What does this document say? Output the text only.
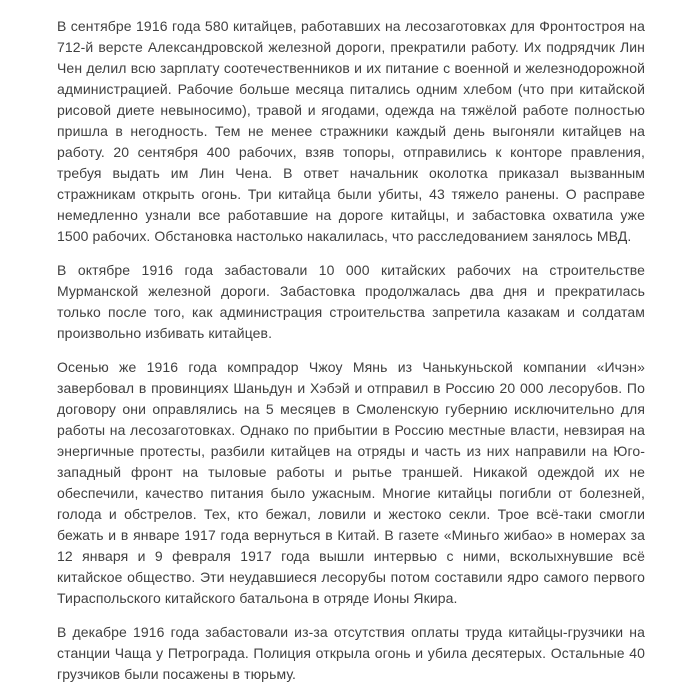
В сентябре 1916 года 580 китайцев, работавших на лесозаготовках для Фронтостроя на 712-й версте Александровской железной дороги, прекратили работу. Их подрядчик Лин Чен делил всю зарплату соотечественников и их питание с военной и железнодорожной администрацией. Рабочие больше месяца питались одним хлебом (что при китайской рисовой диете невыносимо), травой и ягодами, одежда на тяжёлой работе полностью пришла в негодность. Тем не менее стражники каждый день выгоняли китайцев на работу. 20 сентября 400 рабочих, взяв топоры, отправились к конторе правления, требуя выдать им Лин Чена. В ответ начальник околотка приказал вызванным стражникам открыть огонь. Три китайца были убиты, 43 тяжело ранены. О расправе немедленно узнали все работавшие на дороге китайцы, и забастовка охватила уже 1500 рабочих. Обстановка настолько накалилась, что расследованием занялось МВД.

В октябре 1916 года забастовали 10 000 китайских рабочих на строительстве Мурманской железной дороги. Забастовка продолжалась два дня и прекратилась только после того, как администрация строительства запретила казакам и солдатам произвольно избивать китайцев.

Осенью же 1916 года компрадор Чжоу Мянь из Чанькуньской компании «Ичэн» завербовал в провинциях Шаньдун и Хэбэй и отправил в Россию 20 000 лесорубов. По договору они оправлялись на 5 месяцев в Смоленскую губернию исключительно для работы на лесозаготовках. Однако по прибытии в Россию местные власти, невзирая на энергичные протесты, разбили китайцев на отряды и часть из них направили на Юго-западный фронт на тыловые работы и рытье траншей. Никакой одеждой их не обеспечили, качество питания было ужасным. Многие китайцы погибли от болезней, голода и обстрелов. Тех, кто бежал, ловили и жестоко секли. Трое всё-таки смогли бежать и в январе 1917 года вернуться в Китай. В газете «Миньго жибао» в номерах за 12 января и 9 февраля 1917 года вышли интервью с ними, всколыхнувшие всё китайское общество. Эти неудавшиеся лесорубы потом составили ядро самого первого Тираспольского китайского батальона в отряде Ионы Якира.

В декабре 1916 года забастовали из-за отсутствия оплаты труда китайцы-грузчики на станции Чаща у Петрограда. Полиция открыла огонь и убила десятерых. Остальные 40 грузчиков были посажены в тюрьму.
